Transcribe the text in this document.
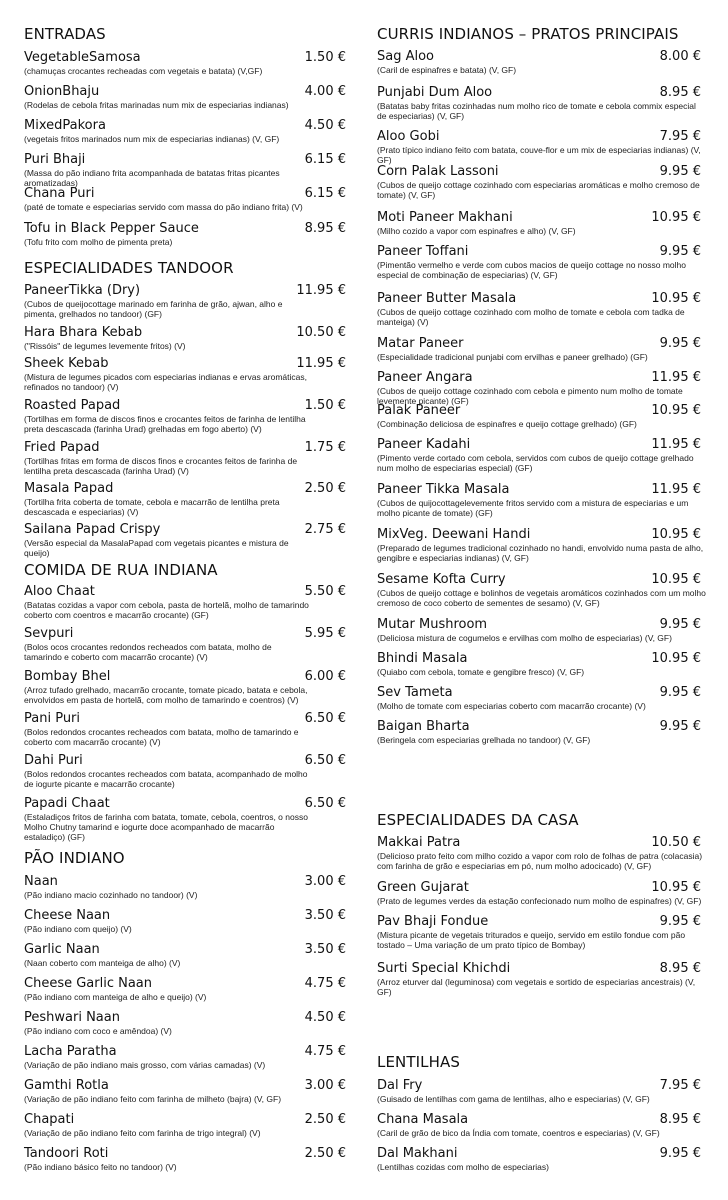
ENTRADAS
VegetableSamosa	1.50 €
(chamuças crocantes recheadas com vegetais e batata) (V,GF)
OnionBhaju	4.00 €
(Rodelas de cebola fritas marinadas num mix de especiarias indianas)
MixedPakora	4.50 €
(vegetais fritos marinados num mix de especiarias indianas) (V, GF)
Puri Bhaji	6.15 €
(Massa do pão indiano frita acompanhada de batatas fritas picantes aromatizadas)
Chana Puri	6.15 €
(paté de tomate e especiarias servido com massa do pão indiano frita) (V)
Tofu in Black Pepper Sauce	8.95 €
(Tofu frito com molho de pimenta preta)
ESPECIALIDADES TANDOOR
PaneerTikka (Dry)	11.95 €
(Cubos de queijocottage marinado em farinha de grão, ajwan, alho e pimenta, grelhados no tandoor) (GF)
Hara Bhara Kebab	10.50 €
("Rissóis" de legumes levemente fritos) (V)
Sheek Kebab	11.95 €
(Mistura de legumes picados com especiarias indianas e ervas aromáticas, refinados no tandoor) (V)
Roasted Papad	1.50 €
(Tortilhas em forma de discos finos e crocantes feitos de farinha de lentilha preta descascada (farinha Urad) grelhadas em fogo aberto) (V)
Fried Papad	1.75 €
(Tortilhas fritas em forma de discos finos e crocantes feitos de farinha de lentilha preta descascada (farinha Urad) (V)
Masala Papad	2.50 €
(Tortilha frita coberta de tomate, cebola e macarrão de lentilha preta descascada e especiarias) (V)
Sailana Papad Crispy	2.75 €
(Versão especial da MasalaPapad com vegetais picantes e mistura de queijo)
COMIDA DE RUA INDIANA
Aloo Chaat	5.50 €
(Batatas cozidas a vapor com cebola, pasta de hortelã, molho de tamarindo coberto com coentros e macarrão crocante) (GF)
Sevpuri	5.95 €
(Bolos ocos crocantes redondos recheados com batata, molho de tamarindo e coberto com macarrão crocante) (V)
Bombay Bhel	6.00 €
(Arroz tufado grelhado, macarrão crocante, tomate picado, batata e cebola, envolvidos em pasta de hortelã, com molho de tamarindo e coentros) (V)
Pani Puri	6.50 €
(Bolos redondos crocantes recheados com batata, molho de tamarindo e coberto com macarrão crocante) (V)
Dahi Puri	6.50 €
(Bolos redondos crocantes recheados com batata, acompanhado de molho de iogurte picante e macarrão crocante)
Papadi Chaat	6.50 €
(Estaladiços fritos de farinha com batata, tomate, cebola, coentros, o nosso Molho Chutny tamarind e iogurte doce acompanhado de macarrão estaladiço) (GF)
PÃO INDIANO
Naan	3.00 €
(Pão indiano macio cozinhado no tandoor) (V)
Cheese Naan	3.50 €
(Pão indiano com queijo) (V)
Garlic Naan	3.50 €
(Naan coberto com manteiga de alho) (V)
Cheese Garlic Naan	4.75 €
(Pão indiano com manteiga de alho e queijo) (V)
Peshwari Naan	4.50 €
(Pão indiano com coco e amêndoa) (V)
Lacha Paratha	4.75 €
(Variação de pão indiano mais grosso, com várias camadas) (V)
Gamthi Rotla	3.00 €
(Variação de pão indiano feito com farinha de milheto (bajra) (V, GF)
Chapati	2.50 €
(Variação de pão indiano feito com farinha de trigo integral) (V)
Tandoori Roti	2.50 €
(Pão indiano básico feito no tandoor) (V)
CURRIS INDIANOS – PRATOS PRINCIPAIS
Sag Aloo	8.00 €
(Caril de espinafres e batata) (V, GF)
Punjabi Dum Aloo	8.95 €
(Batatas baby fritas cozinhadas num molho rico de tomate e cebola commix especial de especiarias) (V, GF)
Aloo Gobi	7.95 €
(Prato típico indiano feito com batata, couve-flor e um mix de especiarias indianas) (V, GF)
Corn Palak Lassoni	9.95 €
(Cubos de queijo cottage cozinhado com especiarias aromáticas e molho cremoso de tomate) (V, GF)
Moti Paneer Makhani	10.95 €
(Milho cozido a vapor com espinafres e alho) (V, GF)
Paneer Toffani	9.95 €
(Pimentão vermelho e verde com cubos macios de queijo cottage no nosso molho especial de combinação de especiarias) (V, GF)
Paneer Butter Masala	10.95 €
(Cubos de queijo cottage cozinhado com molho de tomate e cebola com tadka de manteiga) (V)
Matar Paneer	9.95 €
(Especialidade tradicional punjabi com ervilhas e paneer grelhado) (GF)
Paneer Angara	11.95 €
(Cubos de queijo cottage cozinhado com cebola e pimento num molho de tomate levemente picante) (GF)
Palak Paneer	10.95 €
(Combinação deliciosa de espinafres e queijo cottage grelhado) (GF)
Paneer Kadahi	11.95 €
(Pimento verde cortado com cebola, servidos com cubos de queijo cottage grelhado num molho de especiarias especial) (GF)
Paneer Tikka Masala	11.95 €
(Cubos de quijocottagelevemente fritos servido com a mistura de especiarias e um molho picante de tomate) (GF)
MixVeg. Deewani Handi	10.95 €
(Preparado de legumes tradicional cozinhado no handi, envolvido numa pasta de alho, gengibre e especiarias indianas) (V, GF)
Sesame Kofta Curry	10.95 €
(Cubos de queijo cottage e bolinhos de vegetais aromáticos cozinhados com um molho cremoso de coco coberto de sementes de sesamo) (V, GF)
Mutar Mushroom	9.95 €
(Deliciosa mistura de cogumelos e ervilhas com molho de especiarias) (V, GF)
Bhindi Masala	10.95 €
(Quiabo com cebola, tomate e gengibre fresco) (V, GF)
Sev Tameta	9.95 €
(Molho de tomate com especiarias coberto com macarrão crocante) (V)
Baigan Bharta	9.95 €
(Beringela com especiarias grelhada no tandoor) (V, GF)
ESPECIALIDADES DA CASA
Makkai Patra	10.50 €
(Delicioso prato feito com milho cozido a vapor com rolo de folhas de patra (colacasia) com farinha de grão e especiarias em pó, num molho adocicado) (V, GF)
Green Gujarat	10.95 €
(Prato de legumes verdes da estação confecionado num molho de espinafres) (V, GF)
Pav Bhaji Fondue	9.95 €
(Mistura picante de vegetais triturados e queijo, servido em estilo fondue com pão tostado – Uma variação de um prato típico de Bombay)
Surti Special Khichdi	8.95 €
(Arroz eturver dal (leguminosa) com vegetais e sortido de especiarias ancestrais) (V, GF)
LENTILHAS
Dal Fry	7.95 €
(Guisado de lentilhas com gama de lentilhas, alho e especiarias) (V, GF)
Chana Masala	8.95 €
(Caril de grão de bico da Índia com tomate, coentros e especiarias) (V, GF)
Dal Makhani	9.95 €
(Lentilhas cozidas com molho de especiarias)
